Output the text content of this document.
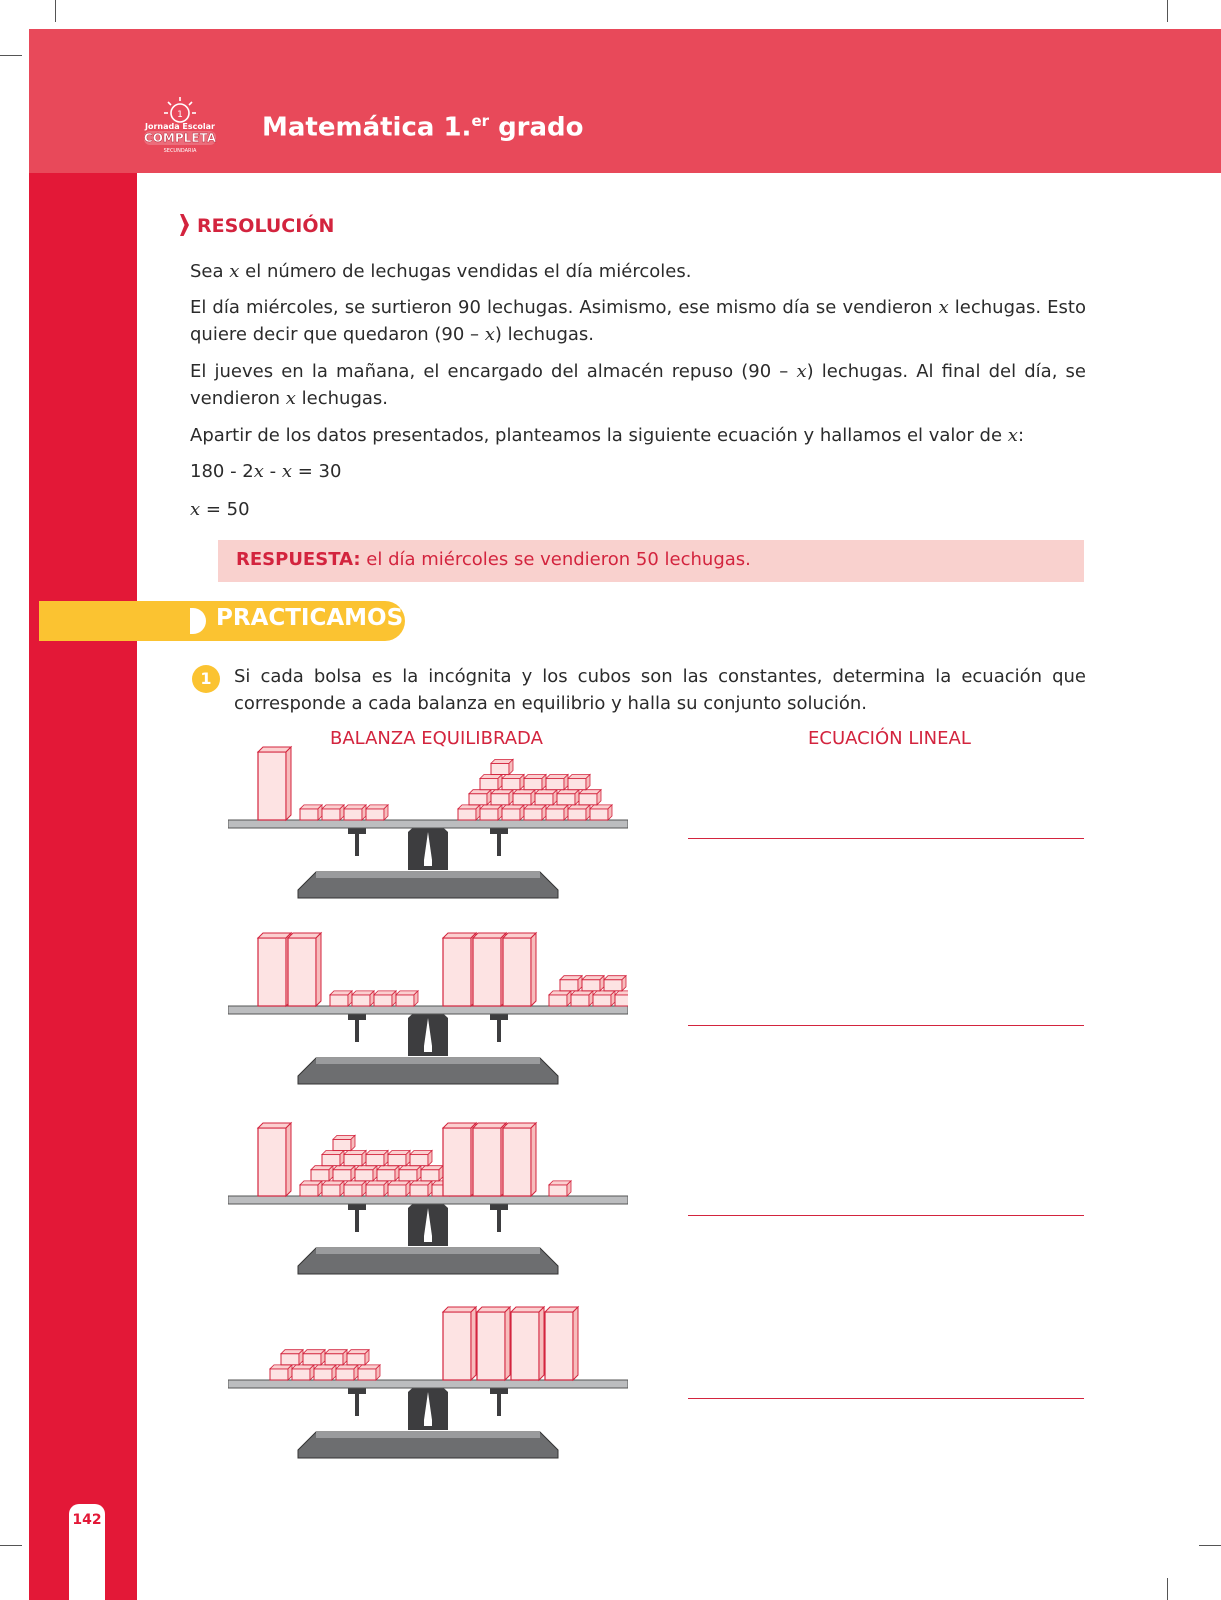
1
Jornada Escolar
COMPLETA
SECUNDARIA
Matemática 1.$^{er}$ grado
RESOLUCIÓN
Sea x el número de lechugas vendidas el día miércoles.
El día miércoles, se surtieron 90 lechugas. Asimismo, ese mismo día se vendieron x lechugas. Esto quiere decir que quedaron (90 – x) lechugas.
El jueves en la mañana, el encargado del almacén repuso (90 – x) lechugas. Al final del día, se vendieron x lechugas.
Apartir de los datos presentados, planteamos la siguiente ecuación y hallamos el valor de x:
180 - 2x - x = 30
x = 50
RESPUESTA: el día miércoles se vendieron 50 lechugas.
PRACTICAMOS
1	Si cada bolsa es la incógnita y los cubos son las constantes, determina la ecuación que corresponde a cada balanza en equilibrio y halla su conjunto solución.
BALANZA EQUILIBRADA	ECUACIÓN LINEAL
142
